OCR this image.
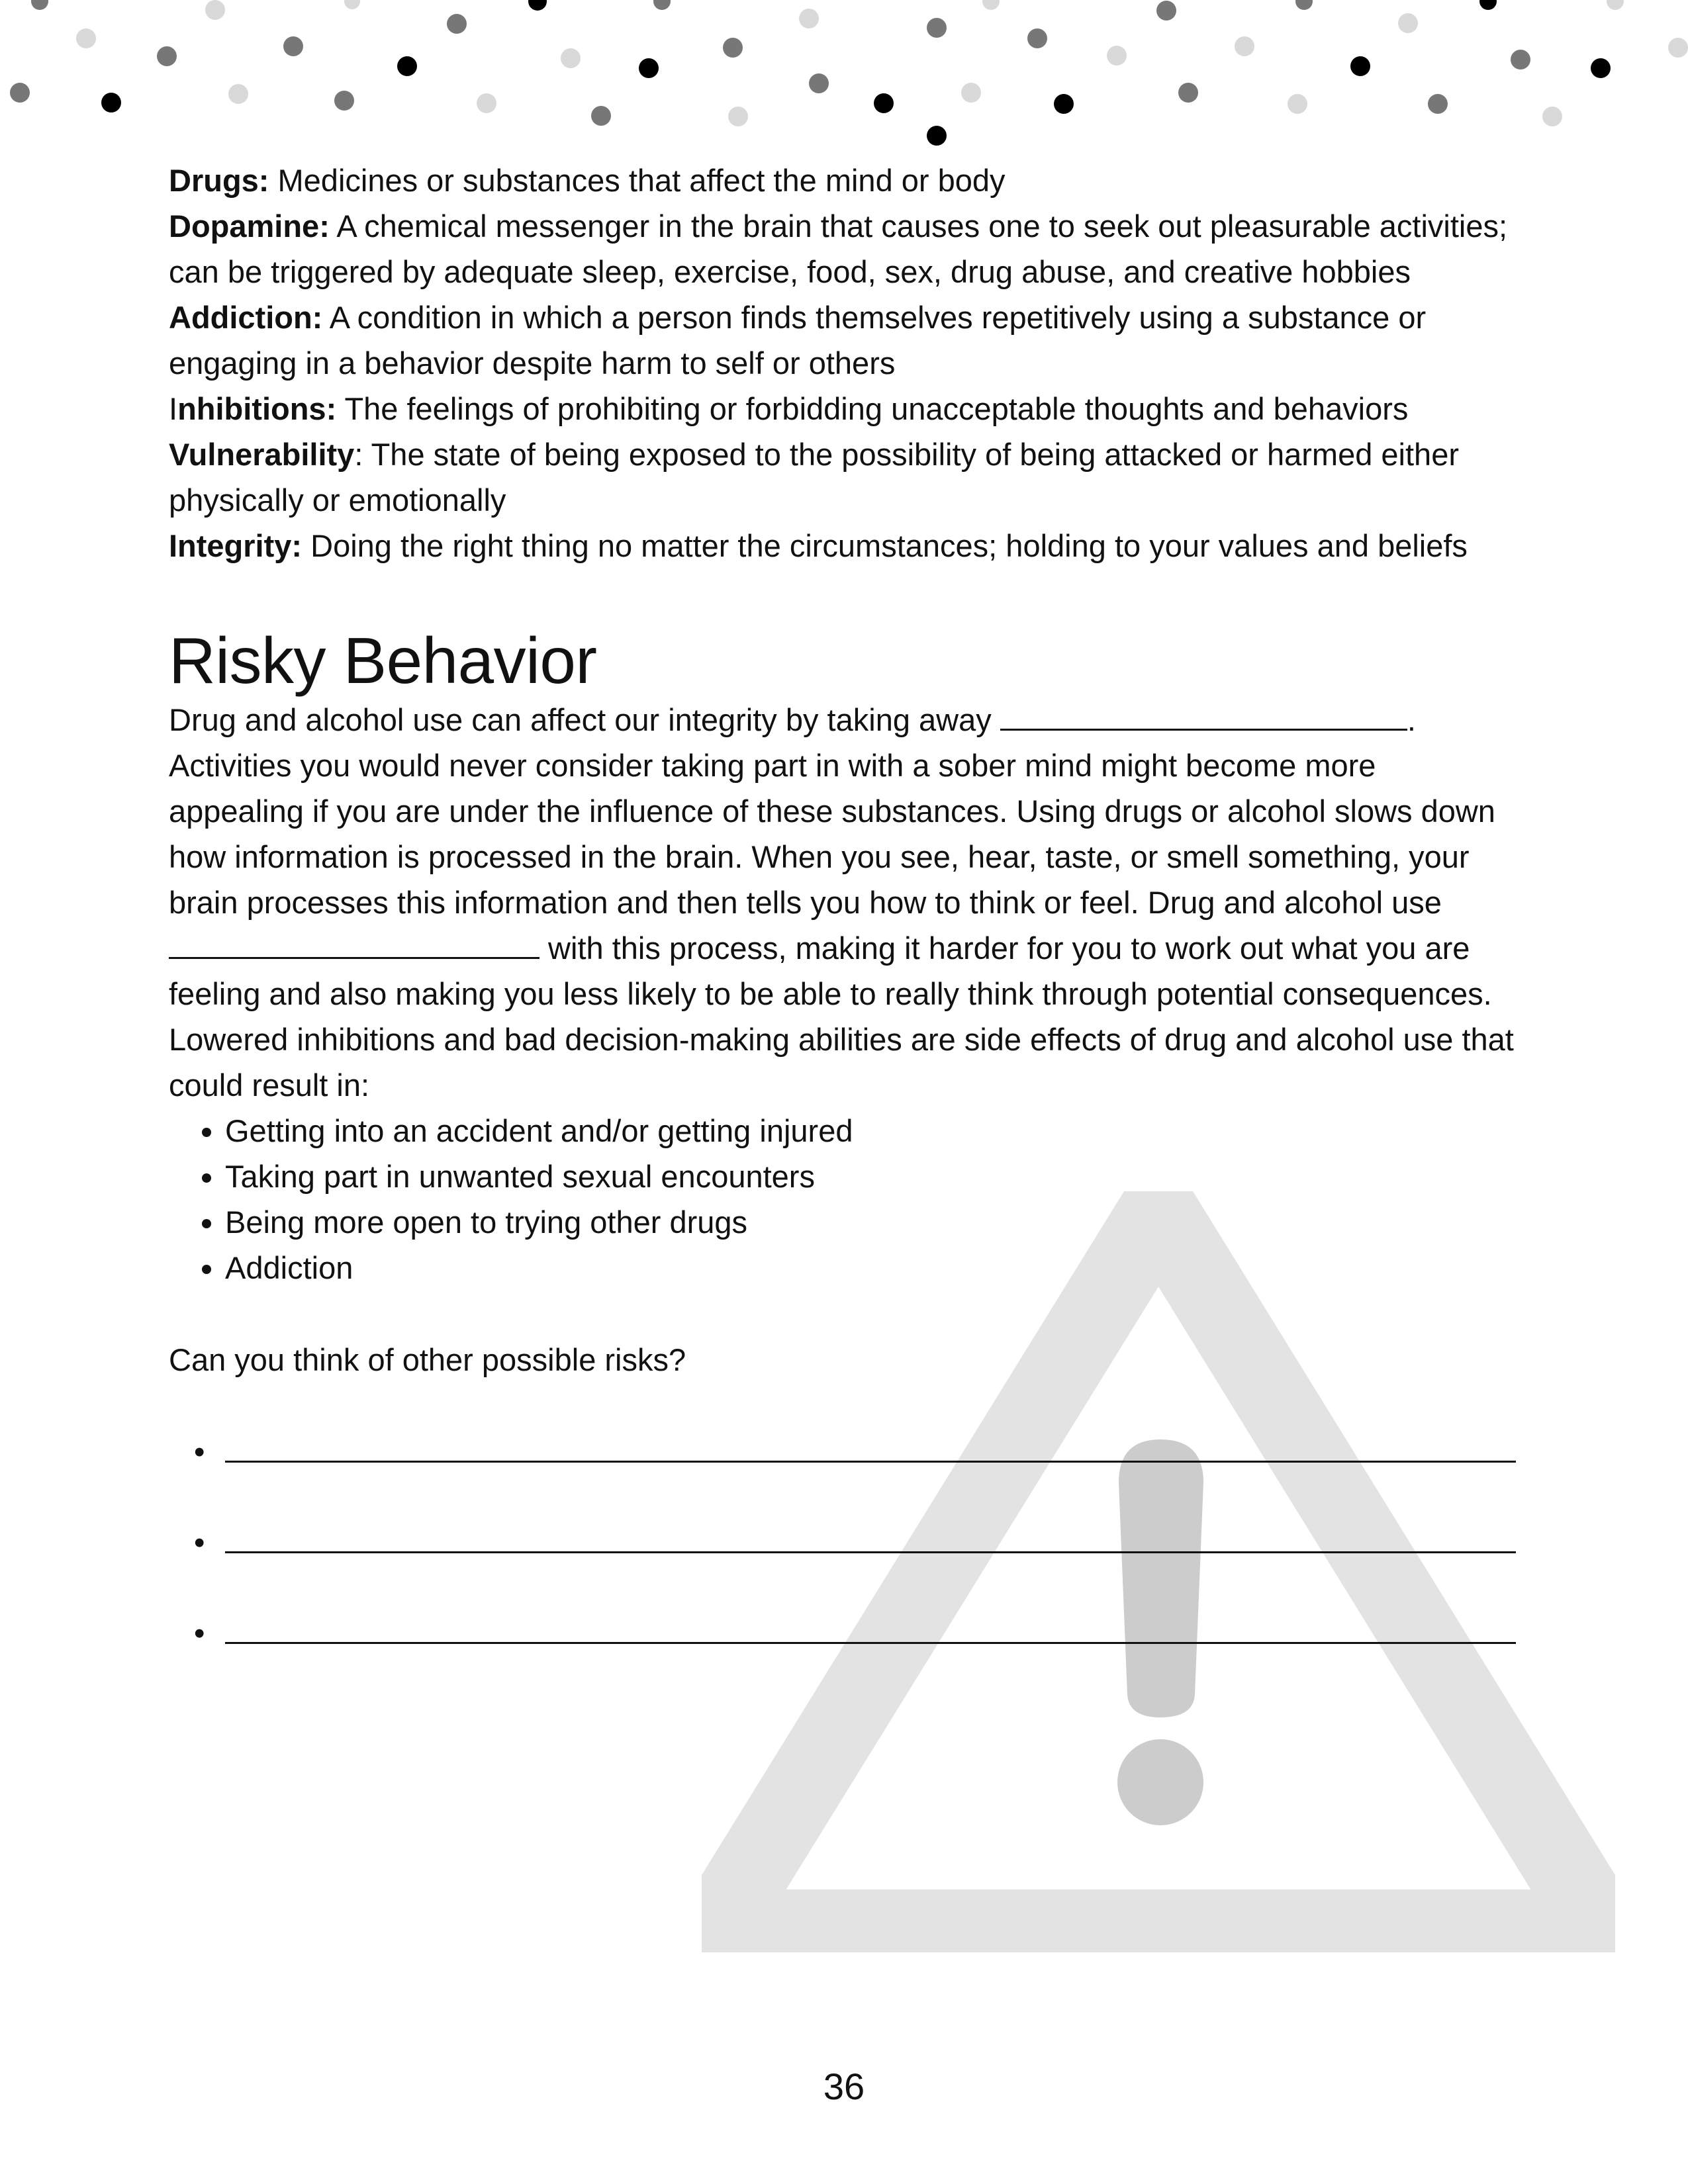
Drugs: Medicines or substances that affect the mind or body

Dopamine: A chemical messenger in the brain that causes one to seek out pleasurable activities; can be triggered by adequate sleep, exercise, food, sex, drug abuse, and creative hobbies

Addiction: A condition in which a person finds themselves repetitively using a substance or engaging in a behavior despite harm to self or others

Inhibitions: The feelings of prohibiting or forbidding unacceptable thoughts and behaviors

Vulnerability: The state of being exposed to the possibility of being attacked or harmed either physically or emotionally

Integrity: Doing the right thing no matter the circumstances; holding to your values and beliefs

Risky Behavior

Drug and alcohol use can affect our integrity by taking away	. Activities you would never consider taking part in with a sober mind might become more appealing if you are under the influence of these substances. Using drugs or alcohol slows down how information is processed in the brain. When you see, hear, taste, or smell something, your brain processes this information and then tells you how to think or feel. Drug and alcohol use  with this process, making it harder for you to work out what you are feeling and also making you less likely to be able to really think through potential consequences.

Lowered inhibitions and bad decision-making abilities are side effects of drug and alcohol use that could result in:

• Getting into an accident and/or getting injured
• Taking part in unwanted sexual encounters
• Being more open to trying other drugs
• Addiction

Can you think of other possible risks?

•
•
•
36
